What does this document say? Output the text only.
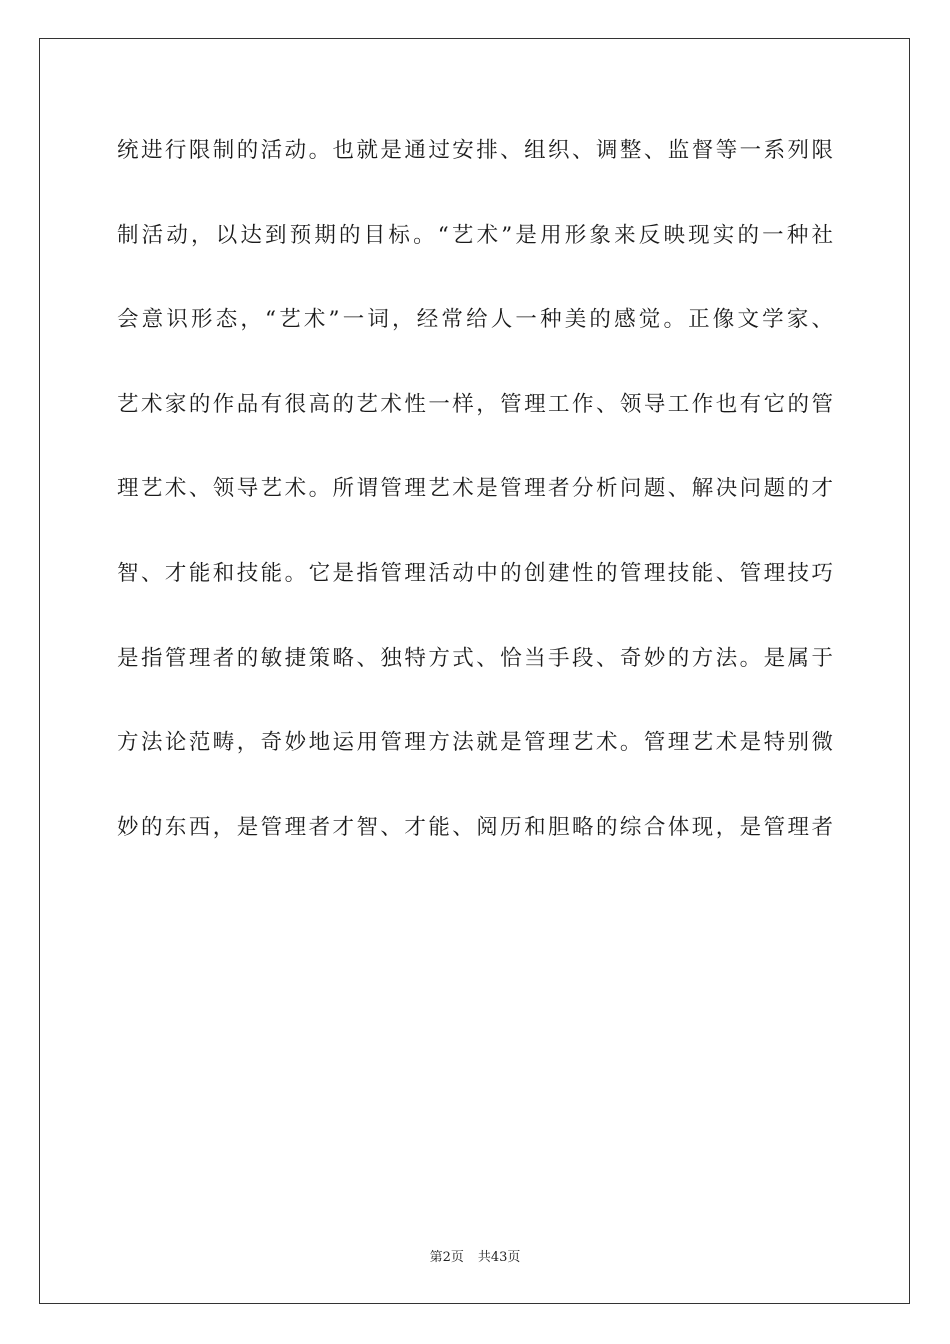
统进行限制的活动。也就是通过安排、组织、调整、监督等一系列限
制活动，以达到预期的目标。“艺术”是用形象来反映现实的一种社
会意识形态，“艺术”一词，经常给人一种美的感觉。正像文学家、
艺术家的作品有很高的艺术性一样，管理工作、领导工作也有它的管
理艺术、领导艺术。所谓管理艺术是管理者分析问题、解决问题的才
智、才能和技能。它是指管理活动中的创建性的管理技能、管理技巧
是指管理者的敏捷策略、独特方式、恰当手段、奇妙的方法。是属于
方法论范畴，奇妙地运用管理方法就是管理艺术。管理艺术是特别微
妙的东西，是管理者才智、才能、阅历和胆略的综合体现，是管理者
第2页 共43页
